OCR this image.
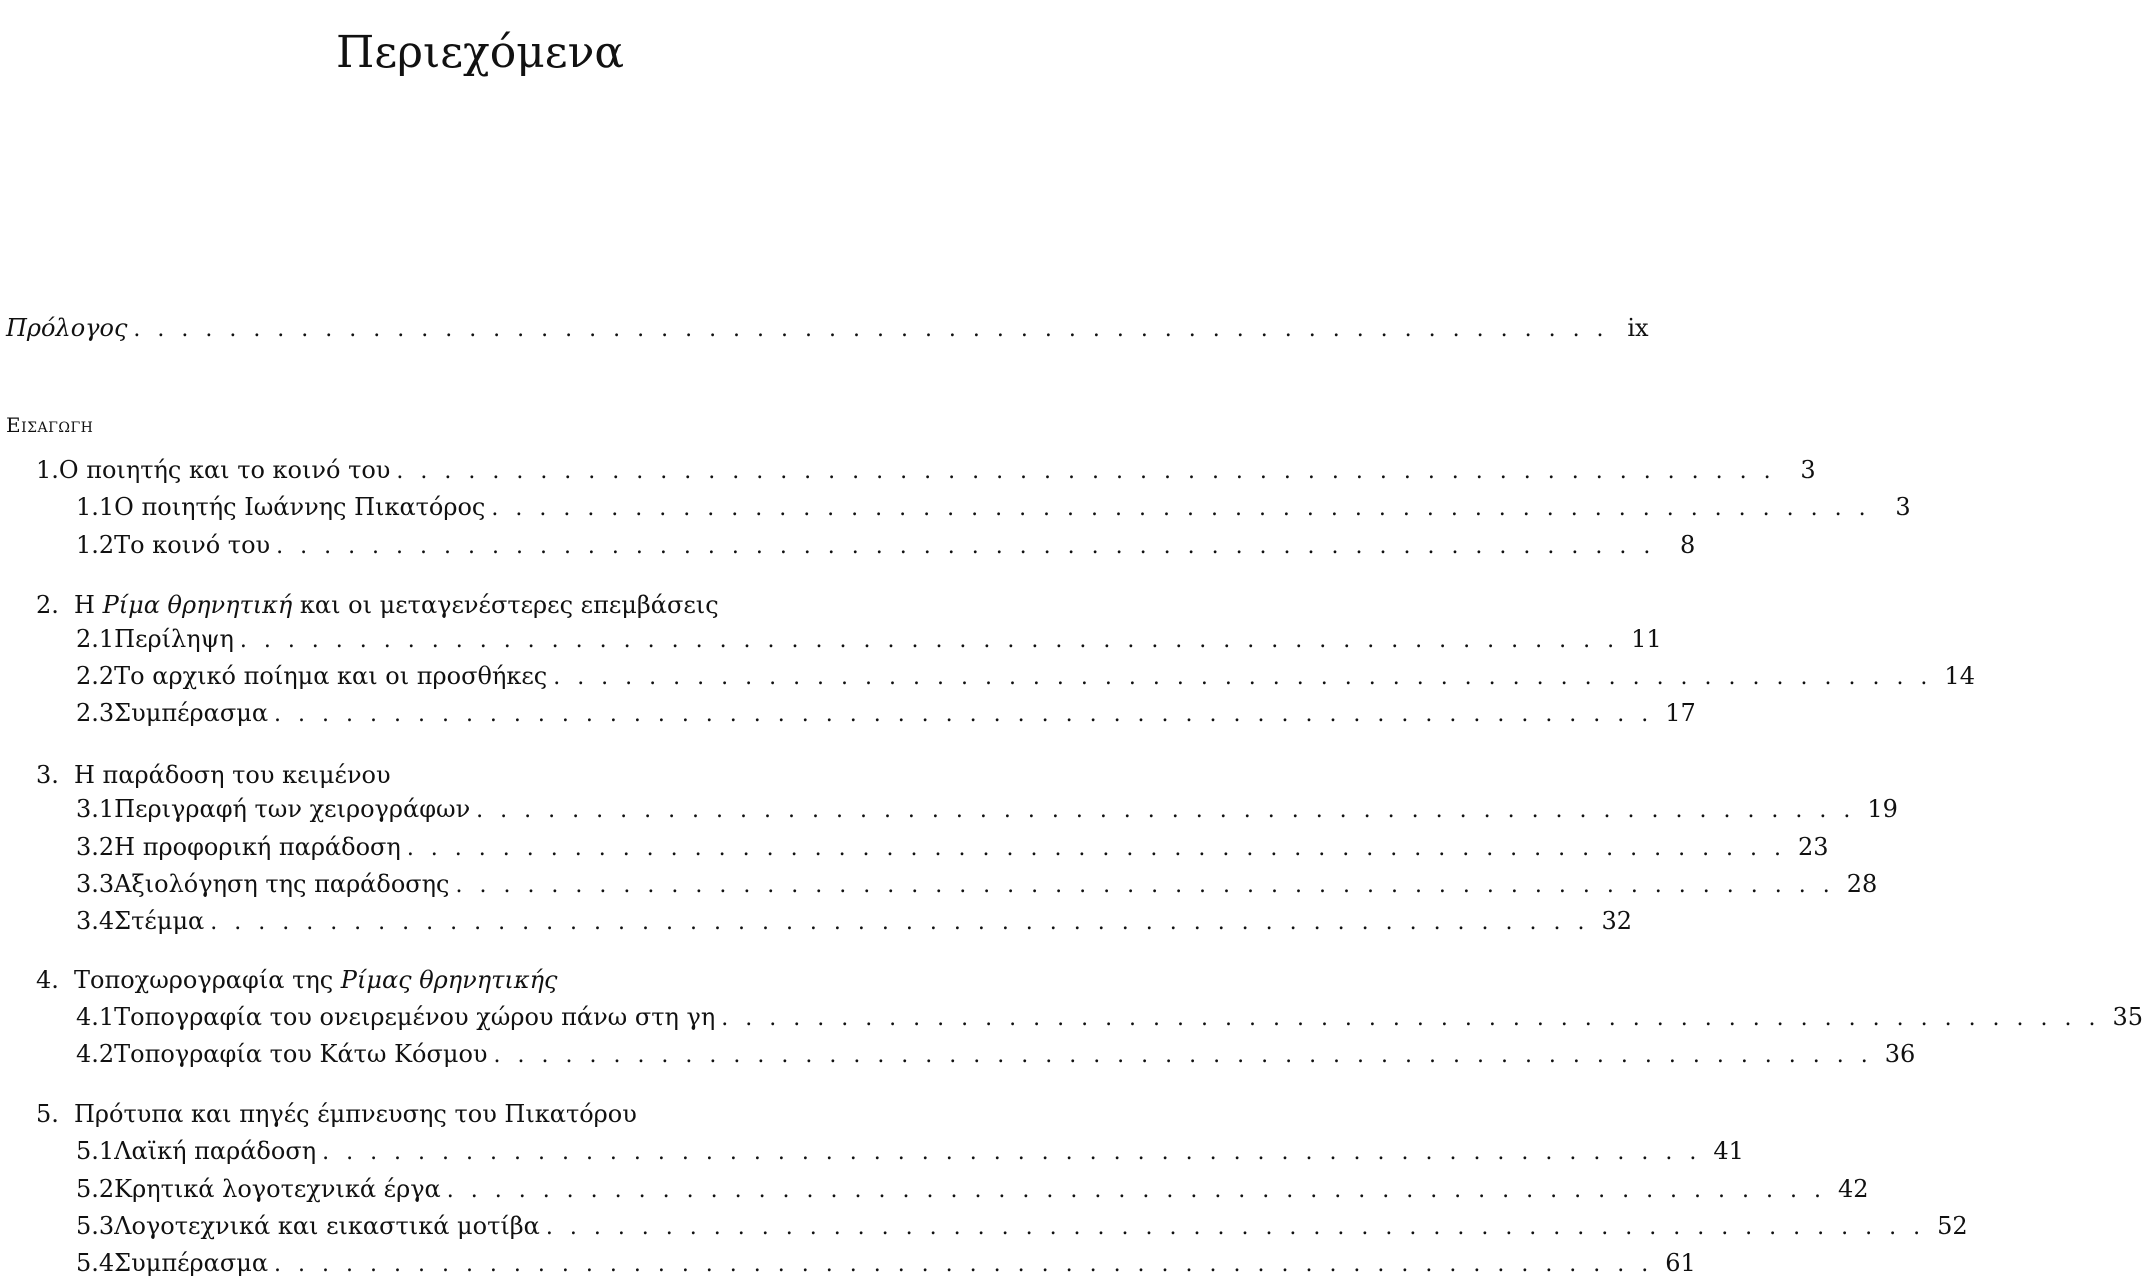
Περιεχόμενα
Πρόλογος . . . . . . . . . . . . . . . . . . . . . . . . . . . . . . . . . . . . . . . . . . . . . . . . . . . . . . . . . . . . . . ix
Εισαγωγη
1. Ο ποιητής και το κοινό του . . . . . . . . . . . . . . . . . . . . . . . . . . . . . . . . . . . . . . . . . . . . . . . . . . . . . . . . . .	3
1.1 Ο ποιητής Ιωάννης Πικατόρος . . . . . . . . . . . . . . . . . . . . . . . . . . . . . . . . . . . . . . . . . . . . . . . . . . . . . . . . . .	3
1.2 Το κοινό του . . . . . . . . . . . . . . . . . . . . . . . . . . . . . . . . . . . . . . . . . . . . . . . . . . . . . . . . . .	8
2. Η Ρίμα θρηνητική και οι μεταγενέστερες επεμβάσεις
2.1 Περίληψη . . . . . . . . . . . . . . . . . . . . . . . . . . . . . . . . . . . . . . . . . . . . . . . . . . . . . . . . . . 11
2.2 Το αρχικό ποίημα και οι προσθήκες . . . . . . . . . . . . . . . . . . . . . . . . . . . . . . . . . . . . . . . . . . . . . . . . . . . . . . . . . . 14
2.3 Συμπέρασμα . . . . . . . . . . . . . . . . . . . . . . . . . . . . . . . . . . . . . . . . . . . . . . . . . . . . . . . . . . 17
3. Η παράδοση του κειμένου
3.1 Περιγραφή των χειρογράφων . . . . . . . . . . . . . . . . . . . . . . . . . . . . . . . . . . . . . . . . . . . . . . . . . . . . . . . . . . 19
3.2 Η προφορική παράδοση . . . . . . . . . . . . . . . . . . . . . . . . . . . . . . . . . . . . . . . . . . . . . . . . . . . . . . . . . . 23
3.3 Αξιολόγηση της παράδοσης . . . . . . . . . . . . . . . . . . . . . . . . . . . . . . . . . . . . . . . . . . . . . . . . . . . . . . . . . . 28
3.4 Στέμμα . . . . . . . . . . . . . . . . . . . . . . . . . . . . . . . . . . . . . . . . . . . . . . . . . . . . . . . . . . 32
4. Τοποχωρογραφία της Ρίμας θρηνητικής
4.1 Τοπογραφία του ονειρεμένου χώρου πάνω στη γη . . . . . . . . . . . . . . . . . . . . . . . . . . . . . . . . . . . . . . . . . . . . . . . . . . . . . . . . . . 35
4.2 Τοπογραφία του Κάτω Κόσμου . . . . . . . . . . . . . . . . . . . . . . . . . . . . . . . . . . . . . . . . . . . . . . . . . . . . . . . . . . 36
5. Πρότυπα και πηγές έμπνευσης του Πικατόρου
5.1 Λαϊκή παράδοση . . . . . . . . . . . . . . . . . . . . . . . . . . . . . . . . . . . . . . . . . . . . . . . . . . . . . . . . . . 41
5.2 Κρητικά λογοτεχνικά έργα . . . . . . . . . . . . . . . . . . . . . . . . . . . . . . . . . . . . . . . . . . . . . . . . . . . . . . . . . . 42
5.3 Λογοτεχνικά και εικαστικά μοτίβα . . . . . . . . . . . . . . . . . . . . . . . . . . . . . . . . . . . . . . . . . . . . . . . . . . . . . . . . . . 52
5.4 Συμπέρασμα . . . . . . . . . . . . . . . . . . . . . . . . . . . . . . . . . . . . . . . . . . . . . . . . . . . . . . . . . . 61
